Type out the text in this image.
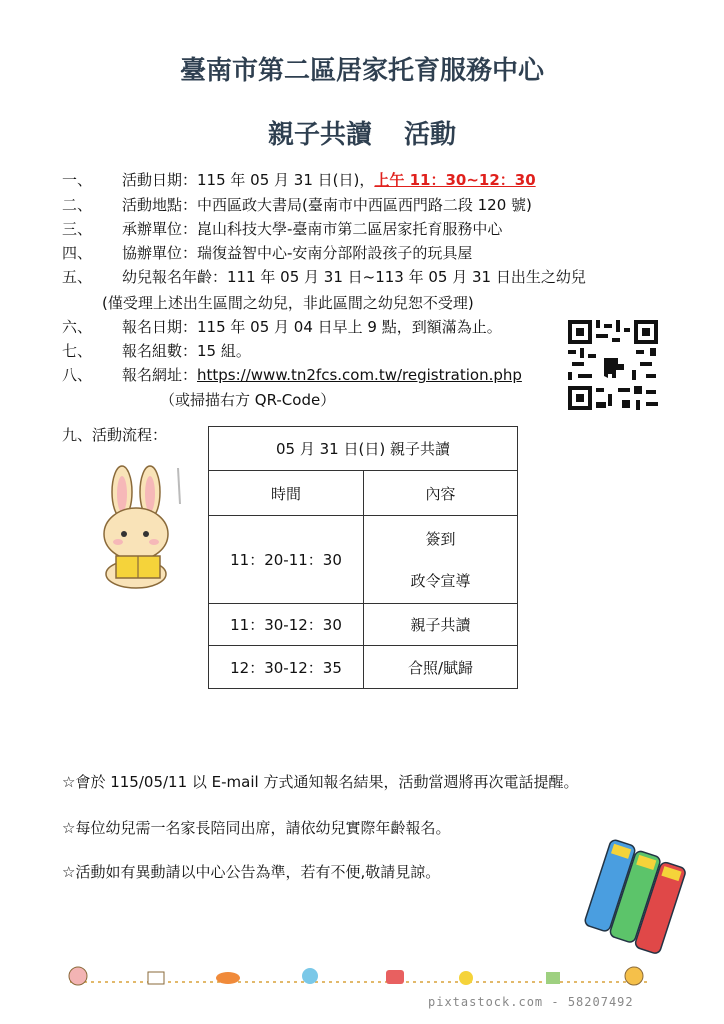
臺南市第二區居家托育服務中心
親子共讀 活動
一、 活動日期：115 年 05 月 31 日(日)，上午 11：30~12：30
二、 活動地點：中西區政大書局(臺南市中西區西門路二段 120 號)
三、 承辦單位：崑山科技大學-臺南市第二區居家托育服務中心
四、 協辦單位：瑞復益智中心-安南分部附設孩子的玩具屋
五、 幼兒報名年齡：111 年 05 月 31 日~113 年 05 月 31 日出生之幼兒
(僅受理上述出生區間之幼兒，非此區間之幼兒恕不受理)
六、 報名日期：115 年 05 月 04 日早上 9 點，到額滿為止。
七、 報名組數：15 組。
八、 報名網址：https://www.tn2fcs.com.tw/registration.php
（或掃描右方 QR-Code）
九、活動流程：
05 月 31 日(日) 親子共讀	
時間	內容
11：20-11：30	簽到
政令宣導

11：30-12：30	親子共讀
12：30-12：35	合照/賦歸
☆會於 115/05/11 以 E-mail 方式通知報名結果，活動當週將再次電話提醒。
☆每位幼兒需一名家長陪同出席，請依幼兒實際年齡報名。
☆活動如有異動請以中心公告為準，若有不便,敬請見諒。
pixtastock.com - 58207492
